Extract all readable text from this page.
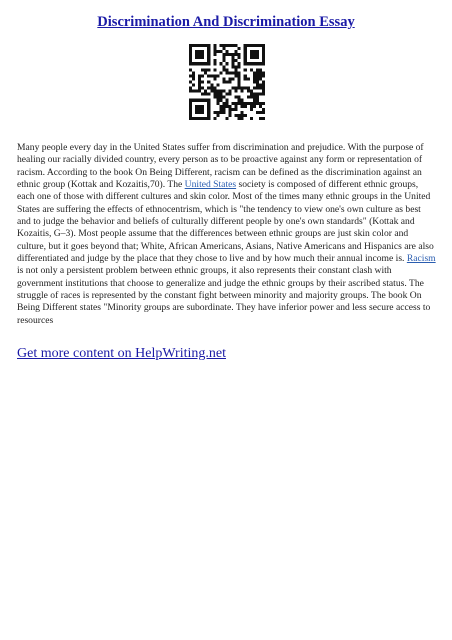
Discrimination And Discrimination Essay
Many people every day in the United States suffer from discrimination and prejudice. With the purpose of healing our racially divided country, every person as to be proactive against any form or representation of racism. According to the book On Being Different, racism can be defined as the discrimination against an ethnic group (Kottak and Kozaitis,70). The United States society is composed of different ethnic groups, each one of those with different cultures and skin color. Most of the times many ethnic groups in the United States are suffering the effects of ethnocentrism, which is "the tendency to view one's own culture as best and to judge the behavior and beliefs of culturally different people by one's own standards" (Kottak and Kozaitis, G–3). Most people assume that the differences between ethnic groups are just skin color and culture, but it goes beyond that; White, African Americans, Asians, Native Americans and Hispanics are also differentiated and judge by the place that they chose to live and by how much their annual income is. Racism is not only a persistent problem between ethnic groups, it also represents their constant clash with government institutions that choose to generalize and judge the ethnic groups by their ascribed status. The struggle of races is represented by the constant fight between minority and majority groups. The book On Being Different states "Minority groups are subordinate. They have inferior power and less secure access to resources
Get more content on HelpWriting.net
